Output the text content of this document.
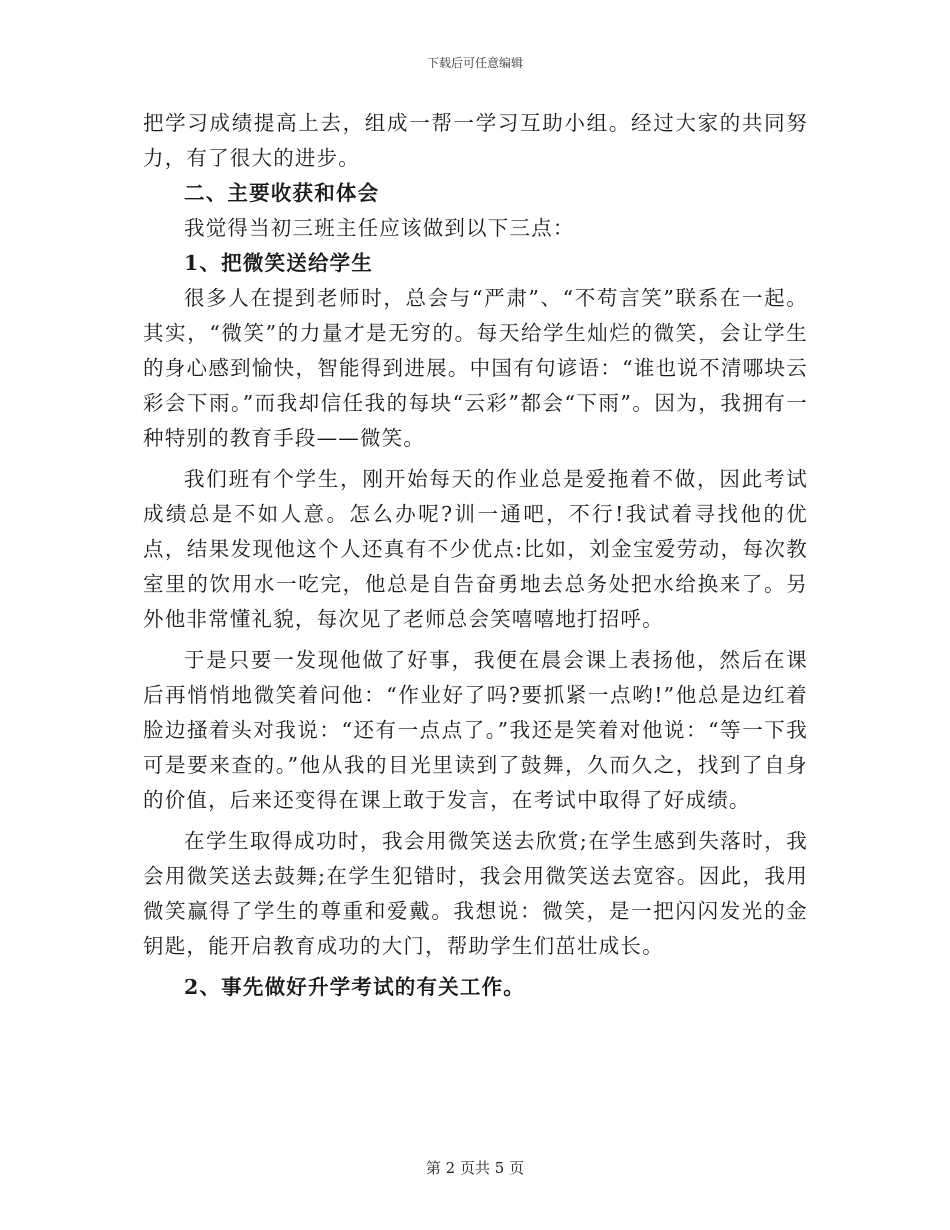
下载后可任意编辑

把学习成绩提高上去，组成一帮一学习互助小组。经过大家的共同努力，有了很大的进步。

二、主要收获和体会

我觉得当初三班主任应该做到以下三点：

1、把微笑送给学生

很多人在提到老师时，总会与“严肃”、“不苟言笑”联系在一起。其实，“微笑”的力量才是无穷的。每天给学生灿烂的微笑，会让学生的身心感到愉快，智能得到进展。中国有句谚语：“谁也说不清哪块云彩会下雨。”而我却信任我的每块“云彩”都会“下雨”。因为，我拥有一种特别的教育手段——微笑。

我们班有个学生，刚开始每天的作业总是爱拖着不做，因此考试成绩总是不如人意。怎么办呢?训一通吧，不行!我试着寻找他的优点，结果发现他这个人还真有不少优点:比如，刘金宝爱劳动，每次教室里的饮用水一吃完，他总是自告奋勇地去总务处把水给换来了。另外他非常懂礼貌，每次见了老师总会笑嘻嘻地打招呼。

于是只要一发现他做了好事，我便在晨会课上表扬他，然后在课后再悄悄地微笑着问他：“作业好了吗?要抓紧一点哟!”他总是边红着脸边搔着头对我说：“还有一点点了。”我还是笑着对他说：“等一下我可是要来查的。”他从我的目光里读到了鼓舞，久而久之，找到了自身的价值，后来还变得在课上敢于发言，在考试中取得了好成绩。

在学生取得成功时，我会用微笑送去欣赏;在学生感到失落时，我会用微笑送去鼓舞;在学生犯错时，我会用微笑送去宽容。因此，我用微笑赢得了学生的尊重和爱戴。我想说：微笑，是一把闪闪发光的金钥匙，能开启教育成功的大门，帮助学生们茁壮成长。

2、事先做好升学考试的有关工作。

第 2 页共 5 页
